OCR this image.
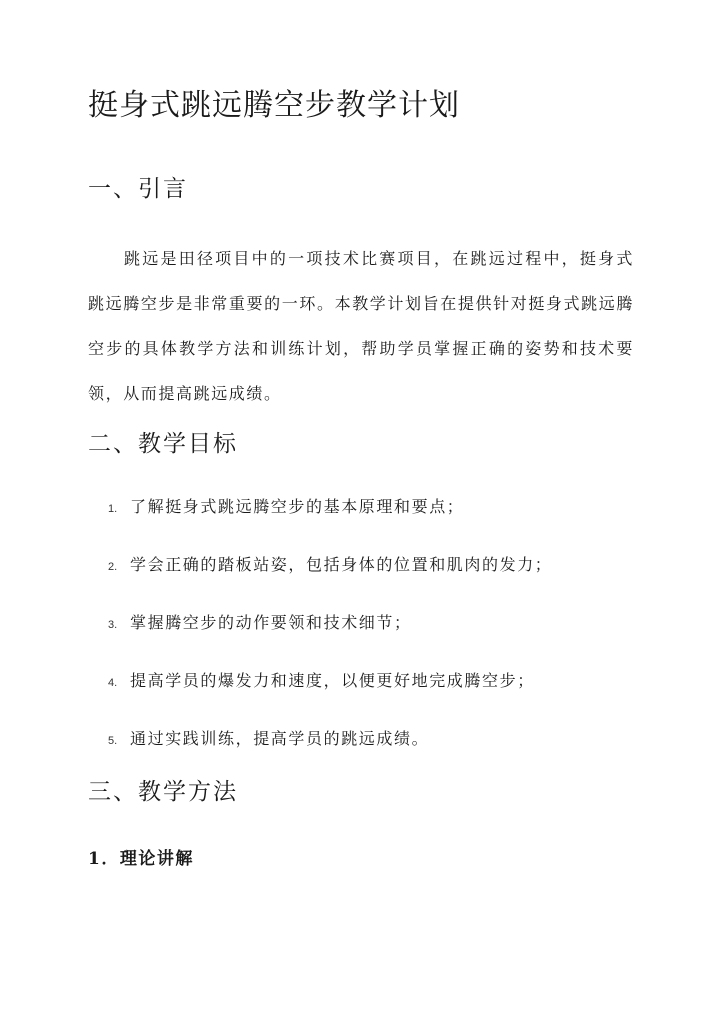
挺身式跳远腾空步教学计划
一、引言

跳远是田径项目中的一项技术比赛项目，在跳远过程中，挺身式跳远腾空步是非常重要的一环。本教学计划旨在提供针对挺身式跳远腾空步的具体教学方法和训练计划，帮助学员掌握正确的姿势和技术要领，从而提高跳远成绩。

二、教学目标
1. 了解挺身式跳远腾空步的基本原理和要点；
2. 学会正确的踏板站姿，包括身体的位置和肌肉的发力；
3. 掌握腾空步的动作要领和技术细节；
4. 提高学员的爆发力和速度，以便更好地完成腾空步；
5. 通过实践训练，提高学员的跳远成绩。
三、教学方法
1．理论讲解
